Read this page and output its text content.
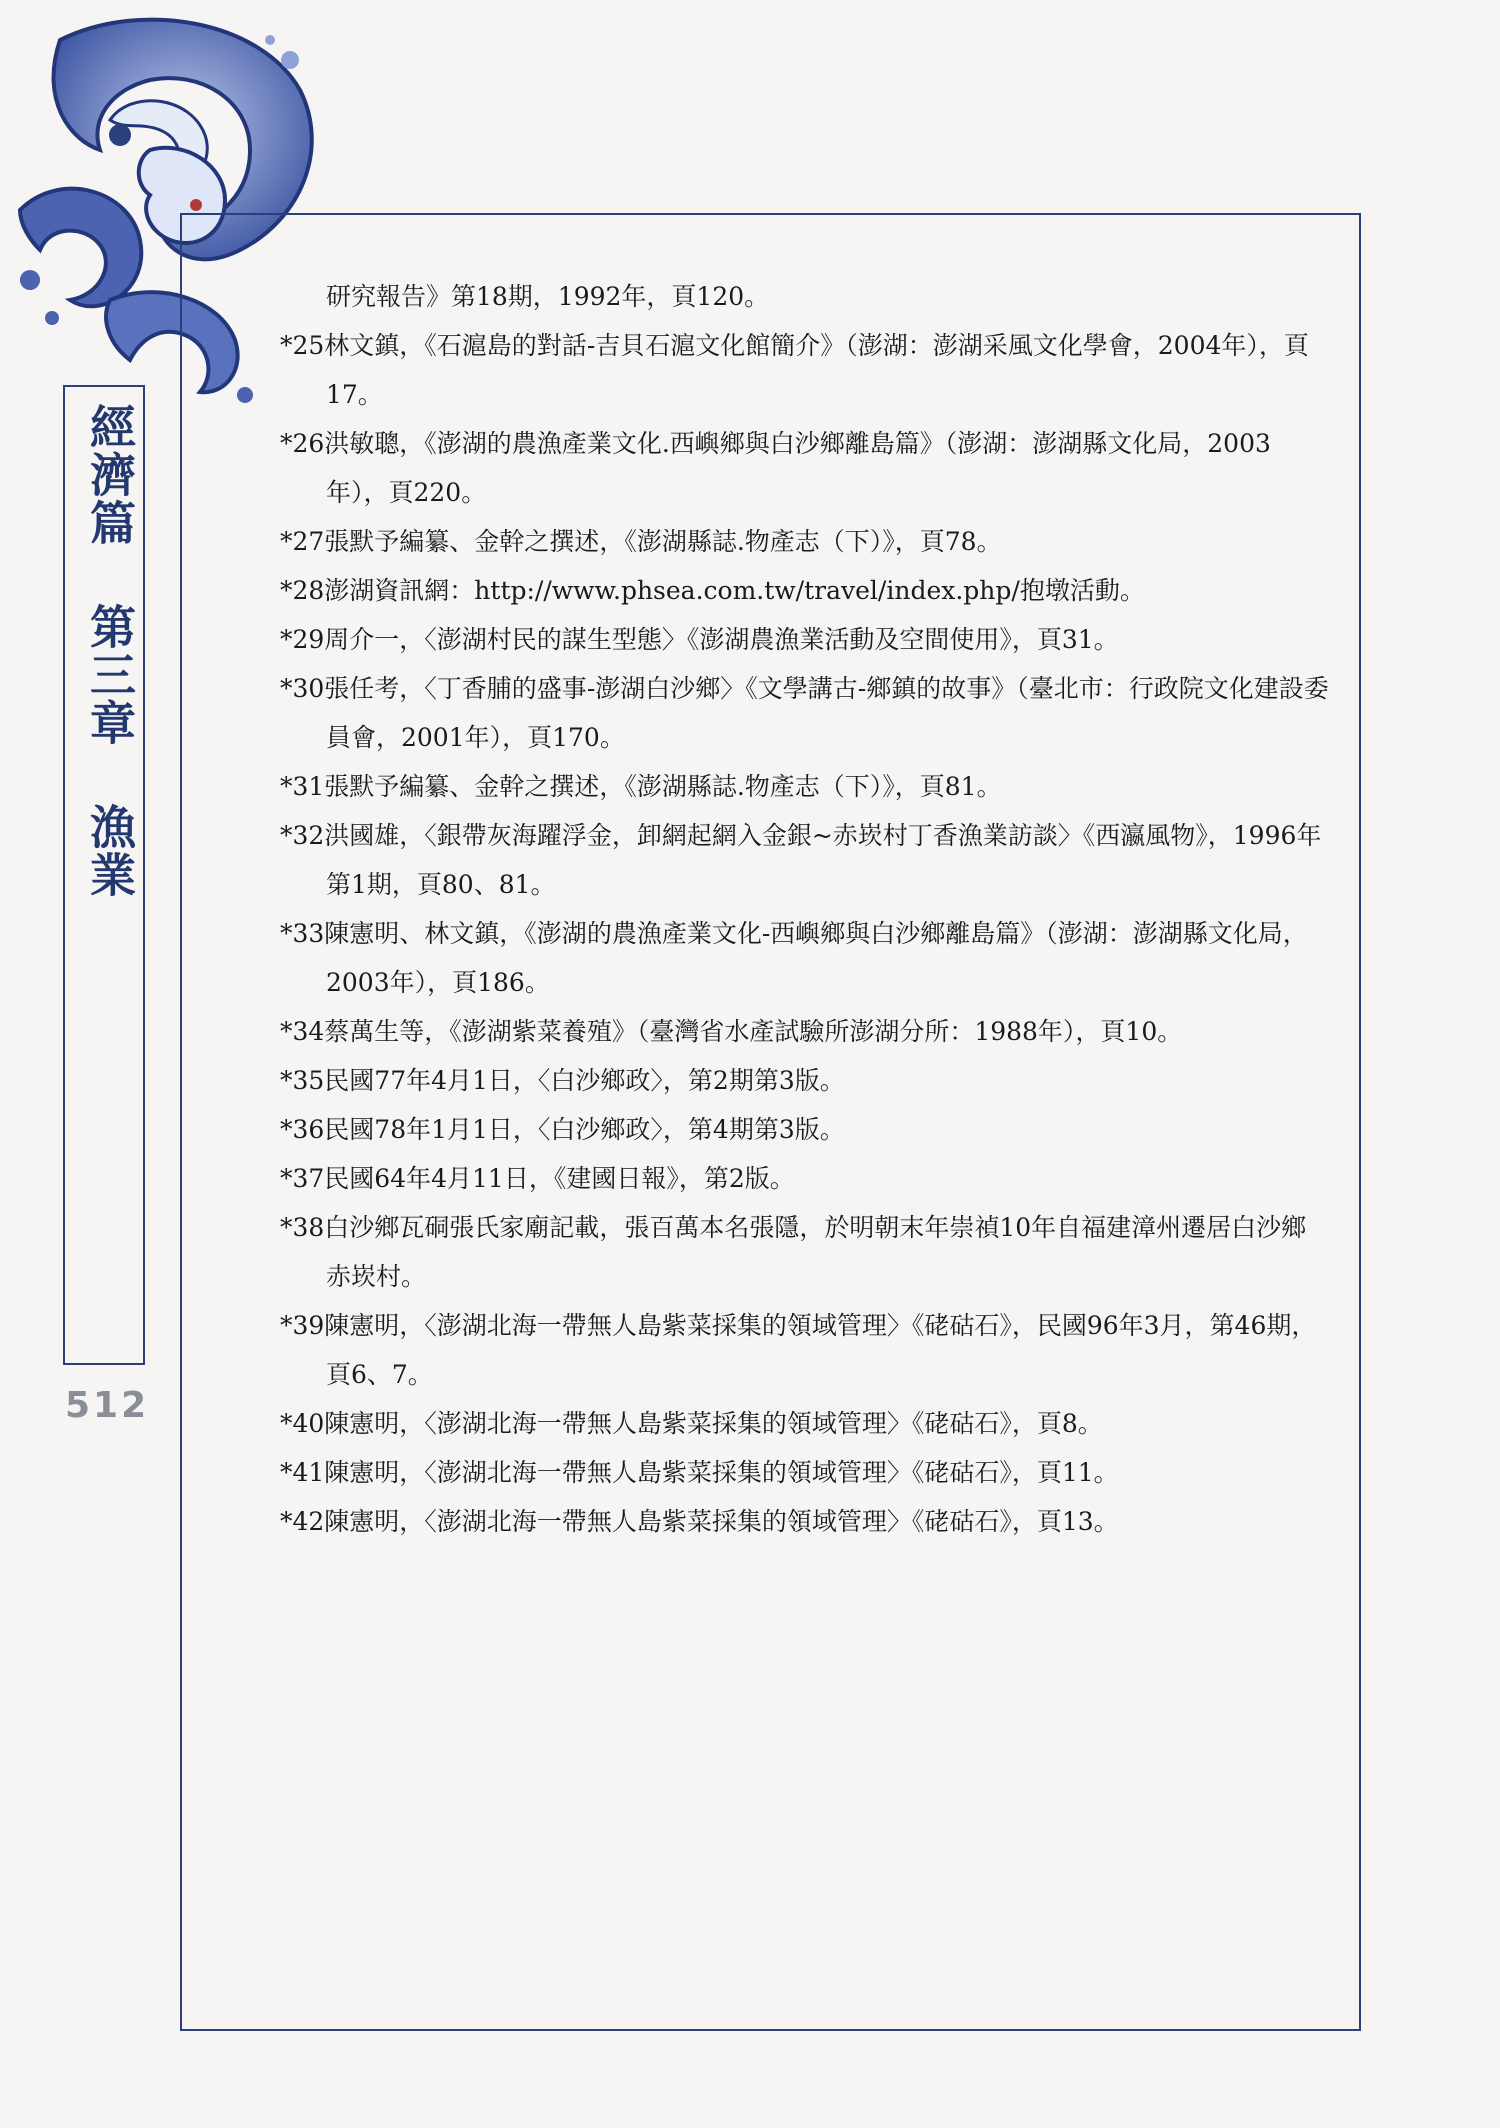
經濟篇 第三章 漁業
512
研究報告》第18期，1992年，頁120。
*25林文鎮，《石滬島的對話-吉貝石滬文化館簡介》（澎湖：澎湖采風文化學會，2004年），頁17。
*26洪敏聰，《澎湖的農漁產業文化.西嶼鄉與白沙鄉離島篇》（澎湖：澎湖縣文化局，2003年），頁220。
*27張默予編纂、金幹之撰述，《澎湖縣誌.物產志（下）》，頁78。
*28澎湖資訊網：http://www.phsea.com.tw/travel/index.php/抱墩活動。
*29周介一，〈澎湖村民的謀生型態〉《澎湖農漁業活動及空間使用》，頁31。
*30張任考，〈丁香脯的盛事-澎湖白沙鄉〉《文學講古-鄉鎮的故事》（臺北市：行政院文化建設委員會，2001年），頁170。
*31張默予編纂、金幹之撰述，《澎湖縣誌.物產志（下）》，頁81。
*32洪國雄，〈銀帶灰海躍浮金，卸網起網入金銀~赤崁村丁香漁業訪談〉《西瀛風物》，1996年第1期，頁80、81。
*33陳憲明、林文鎮，《澎湖的農漁產業文化-西嶼鄉與白沙鄉離島篇》（澎湖：澎湖縣文化局，2003年），頁186。
*34蔡萬生等，《澎湖紫菜養殖》（臺灣省水產試驗所澎湖分所：1988年），頁10。
*35民國77年4月1日，〈白沙鄉政〉，第2期第3版。
*36民國78年1月1日，〈白沙鄉政〉，第4期第3版。
*37民國64年4月11日，《建國日報》，第2版。
*38白沙鄉瓦硐張氏家廟記載，張百萬本名張隱，於明朝末年崇禎10年自福建漳州遷居白沙鄉赤崁村。
*39陳憲明，〈澎湖北海一帶無人島紫菜採集的領域管理〉《硓𥑮石》，民國96年3月，第46期，頁6、7。
*40陳憲明，〈澎湖北海一帶無人島紫菜採集的領域管理〉《硓𥑮石》，頁8。
*41陳憲明，〈澎湖北海一帶無人島紫菜採集的領域管理〉《硓𥑮石》，頁11。
*42陳憲明，〈澎湖北海一帶無人島紫菜採集的領域管理〉《硓𥑮石》，頁13。
